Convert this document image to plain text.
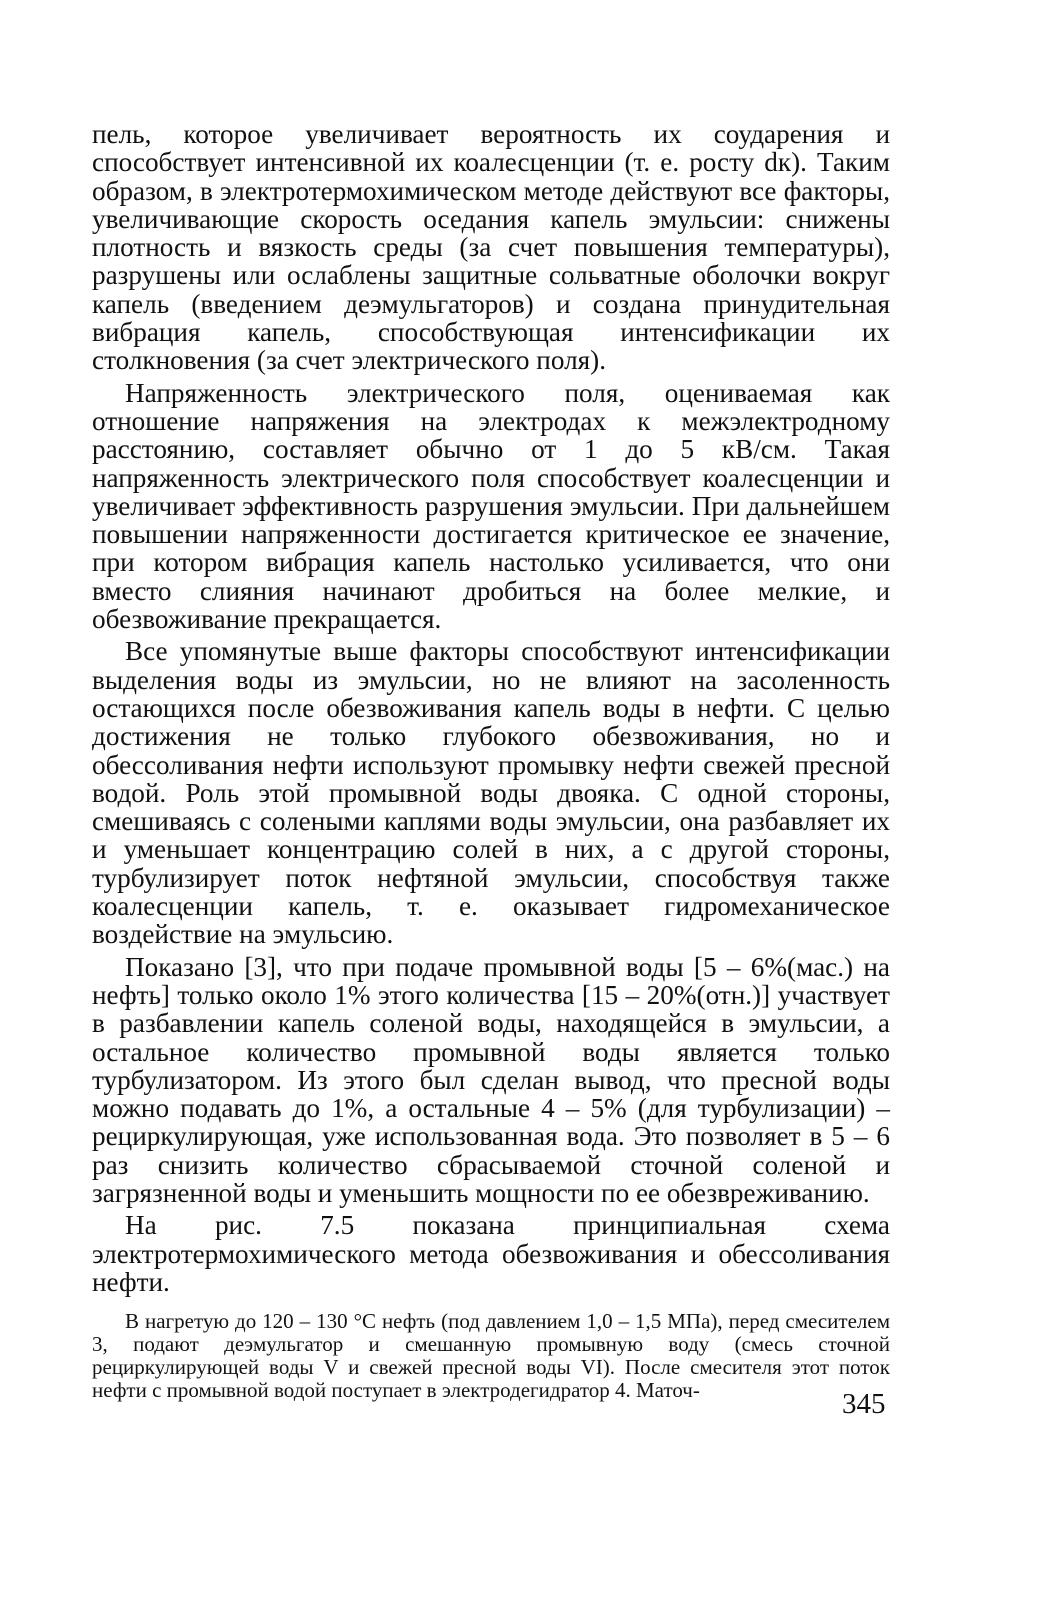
пель, которое увеличивает вероятность их соударения и способствует интенсивной их коалесценции (т. е. росту dк). Таким образом, в электротермохимическом методе действуют все факторы, увеличивающие скорость оседания капель эмульсии: снижены плотность и вязкость среды (за счет повышения температуры), разрушены или ослаблены защитные сольватные оболочки вокруг капель (введением деэмульгаторов) и создана принудительная вибрация капель, способствующая интенсификации их столкновения (за счет электрического поля).

Напряженность электрического поля, оцениваемая как отношение напряжения на электродах к межэлектродному расстоянию, составляет обычно от 1 до 5 кВ/см. Такая напряженность электрического поля способствует коалесценции и увеличивает эффективность разрушения эмульсии. При дальнейшем повышении напряженности достигается критическое ее значение, при котором вибрация капель настолько усиливается, что они вместо слияния начинают дробиться на более мелкие, и обезвоживание прекращается.

Все упомянутые выше факторы способствуют интенсификации выделения воды из эмульсии, но не влияют на засоленность остающихся после обезвоживания капель воды в нефти. С целью достижения не только глубокого обезвоживания, но и обессоливания нефти используют промывку нефти свежей пресной водой. Роль этой промывной воды двояка. С одной стороны, смешиваясь с солеными каплями воды эмульсии, она разбавляет их и уменьшает концентрацию солей в них, а с другой стороны, турбулизирует поток нефтяной эмульсии, способствуя также коалесценции капель, т. е. оказывает гидромеханическое воздействие на эмульсию.

Показано [3], что при подаче промывной воды [5 – 6%(мас.) на нефть] только около 1% этого количества [15 – 20%(отн.)] участвует в разбавлении капель соленой воды, находящейся в эмульсии, а остальное количество промывной воды является только турбулизатором. Из этого был сделан вывод, что пресной воды можно подавать до 1%, а остальные 4 – 5% (для турбулизации) – рециркулирующая, уже использованная вода. Это позволяет в 5 – 6 раз снизить количество сбрасываемой сточной соленой и загрязненной воды и уменьшить мощности по ее обезвреживанию.

На рис. 7.5 показана принципиальная схема электротермохимического метода обезвоживания и обессоливания нефти.

В нагретую до 120 – 130 °С нефть (под давлением 1,0 – 1,5 МПа), перед смесителем 3, подают деэмульгатор и смешанную промывную воду (смесь сточной рециркулирующей воды V и свежей пресной воды VI). После смесителя этот поток нефти с промывной водой поступает в электродегидратор 4. Маточ-	345
